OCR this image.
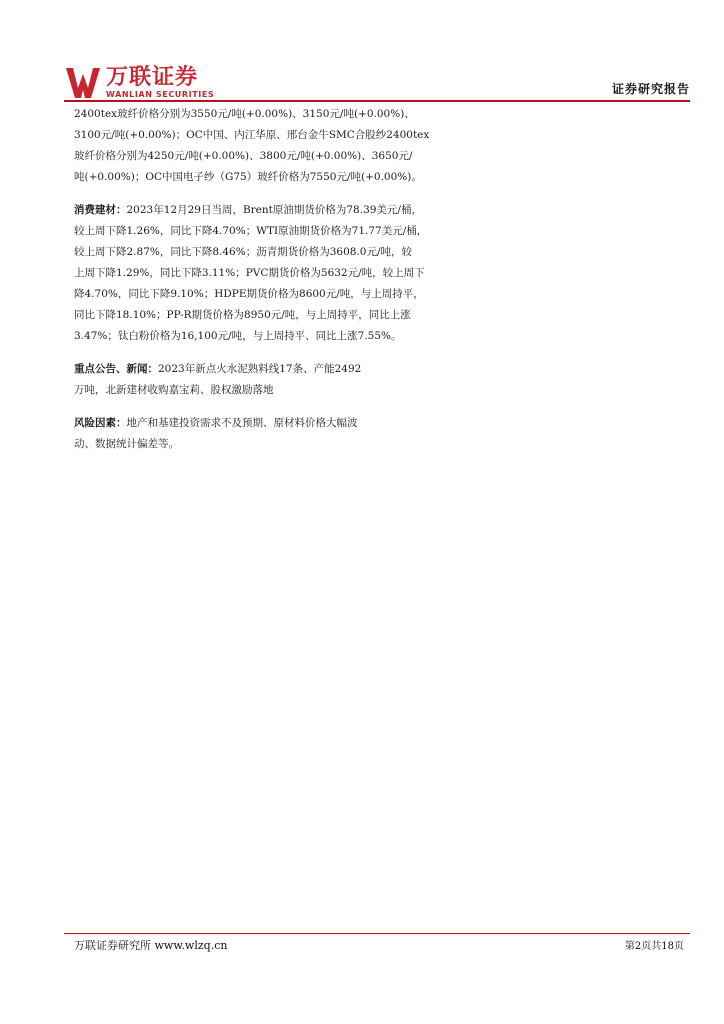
万联证券
WANLIAN SECURITIES	证券研究报告
2400tex玻纤价格分别为3550元/吨(+0.00%)、3150元/吨(+0.00%)、
3100元/吨(+0.00%)；OC中国、内江华原、邢台金牛SMC合股纱2400tex
玻纤价格分别为4250元/吨(+0.00%)、3800元/吨(+0.00%)、3650元/
吨(+0.00%)；OC中国电子纱（G75）玻纤价格为7550元/吨(+0.00%)。
消费建材：2023年12月29日当周，Brent原油期货价格为78.39美元/桶，
较上周下降1.26%，同比下降4.70%；WTI原油期货价格为71.77美元/桶，
较上周下降2.87%，同比下降8.46%；沥青期货价格为3608.0元/吨，较
上周下降1.29%，同比下降3.11%；PVC期货价格为5632元/吨，较上周下
降4.70%，同比下降9.10%；HDPE期货价格为8600元/吨，与上周持平，
同比下降18.10%；PP-R期货价格为8950元/吨，与上周持平，同比上涨
3.47%；钛白粉价格为16,100元/吨，与上周持平、同比上涨7.55%。
重点公告、新闻：2023年新点火水泥熟料线17条、产能2492
万吨，北新建材收购嘉宝莉、股权激励落地
风险因素：地产和基建投资需求不及预期、原材料价格大幅波
动、数据统计偏差等。
万联证券研究所 www.wlzq.cn	第2页共18页
